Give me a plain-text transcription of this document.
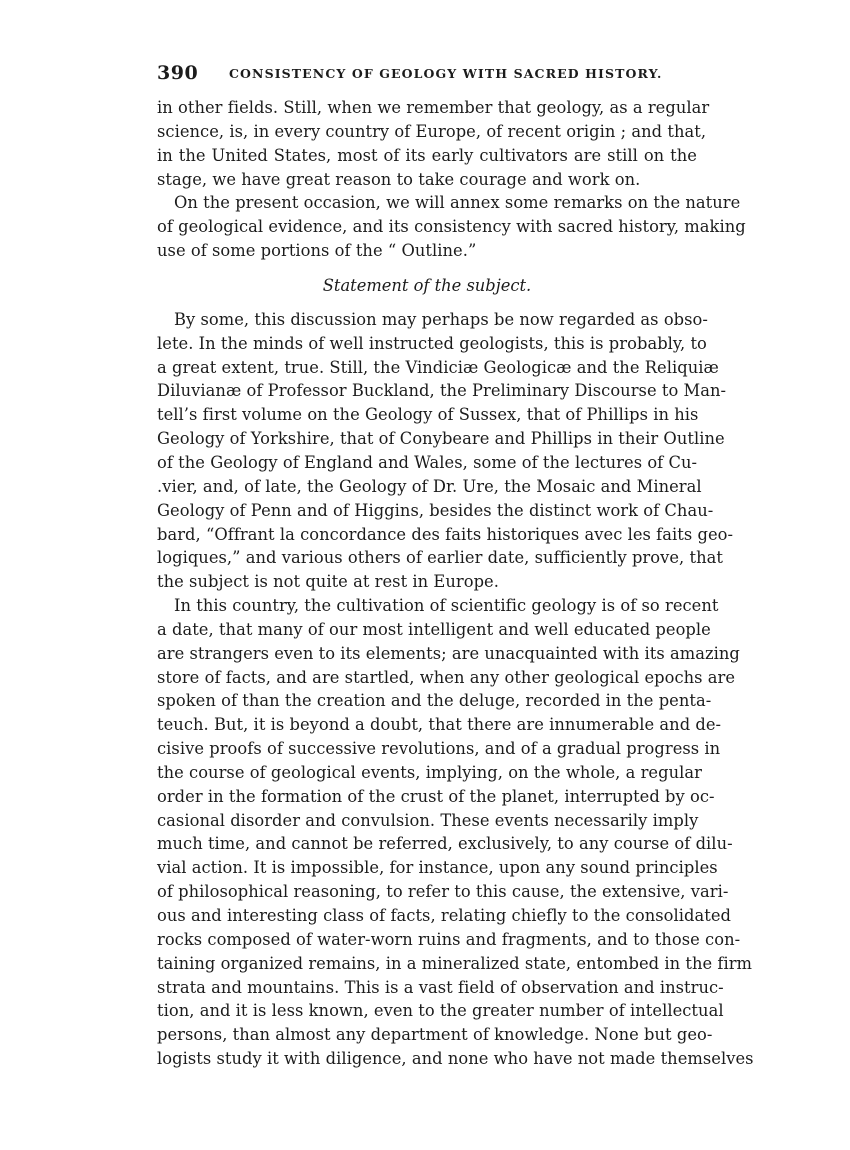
390 CONSISTENCY OF GEOLOGY WITH SACRED HISTORY.
in other fields. Still, when we remember that geology, as a regular
science, is, in every country of Europe, of recent origin ; and that,
in the United States, most of its early cultivators are still on the
stage, we have great reason to take courage and work on.
On the present occasion, we will annex some remarks on the nature
of geological evidence, and its consistency with sacred history, making
use of some portions of the “ Outline.”
Statement of the subject.
By some, this discussion may perhaps be now regarded as obso-
lete. In the minds of well instructed geologists, this is probably, to
a great extent, true. Still, the Vindiciæ Geologicæ and the Reliquiæ
Diluvianæ of Professor Buckland, the Preliminary Discourse to Man-
tell’s first volume on the Geology of Sussex, that of Phillips in his
Geology of Yorkshire, that of Conybeare and Phillips in their Outline
of the Geology of England and Wales, some of the lectures of Cu-
.vier, and, of late, the Geology of Dr. Ure, the Mosaic and Mineral
Geology of Penn and of Higgins, besides the distinct work of Chau-
bard, “Offrant la concordance des faits historiques avec les faits geo-
logiques,” and various others of earlier date, sufficiently prove, that
the subject is not quite at rest in Europe.
In this country, the cultivation of scientific geology is of so recent
a date, that many of our most intelligent and well educated people
are strangers even to its elements; are unacquainted with its amazing
store of facts, and are startled, when any other geological epochs are
spoken of than the creation and the deluge, recorded in the penta-
teuch. But, it is beyond a doubt, that there are innumerable and de-
cisive proofs of successive revolutions, and of a gradual progress in
the course of geological events, implying, on the whole, a regular
order in the formation of the crust of the planet, interrupted by oc-
casional disorder and convulsion. These events necessarily imply
much time, and cannot be referred, exclusively, to any course of dilu-
vial action. It is impossible, for instance, upon any sound principles
of philosophical reasoning, to refer to this cause, the extensive, vari-
ous and interesting class of facts, relating chiefly to the consolidated
rocks composed of water-worn ruins and fragments, and to those con-
taining organized remains, in a mineralized state, entombed in the firm
strata and mountains. This is a vast field of observation and instruc-
tion, and it is less known, even to the greater number of intellectual
persons, than almost any department of knowledge. None but geo-
logists study it with diligence, and none who have not made themselves
